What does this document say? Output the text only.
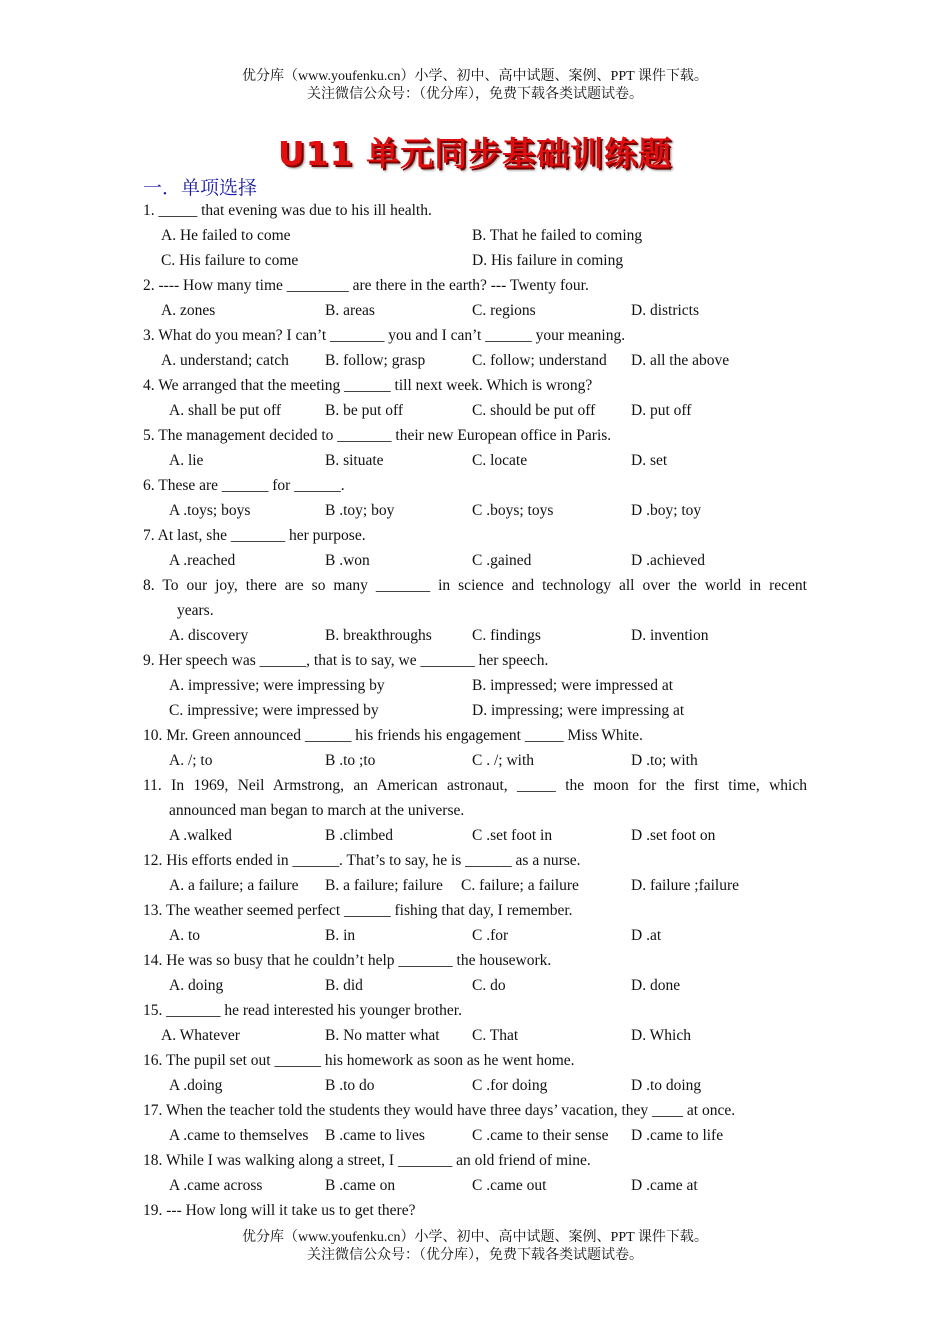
优分库（www.youfenku.cn）小学、初中、高中试题、案例、PPT 课件下载。
关注微信公众号：（优分库），免费下载各类试题试卷。
U11 单元同步基础训练题
一．单项选择
1. _____ that evening was due to his ill health.
A. He failed to come	B. That he failed to coming
C. His failure to come	D. His failure in coming
2. ---- How many time ________ are there in the earth? --- Twenty four.
A. zones	B. areas	C. regions	D. districts
3. What do you mean? I can’t _______ you and I can’t ______ your meaning.
A. understand; catch B. follow; grasp	C. follow; understand D. all the above
4. We arranged that the meeting ______ till next week. Which is wrong?
A. shall be put off	B. be put off	C. should be put off D. put off
5. The management decided to _______ their new European office in Paris.
A. lie	B. situate	C. locate	D. set
6. These are ______ for ______.
A .toys; boys	B .toy; boy	C .boys; toys	D .boy; toy
7. At last, she _______ her purpose.
A .reached	B .won	C .gained	D .achieved
8. To our joy, there are so many _______ in science and technology all over the world in recent
years.
A. discovery	B. breakthroughs	C. findings	D. invention
9. Her speech was ______, that is to say, we _______ her speech.
A. impressive; were impressing by	B. impressed; were impressed at
C. impressive; were impressed by	D. impressing; were impressing at
10. Mr. Green announced ______ his friends his engagement _____ Miss White.
A. /; to	B .to ;to	C . /; with	D .to; with
11. In 1969, Neil Armstrong, an American astronaut, _____ the moon for the first time, which
announced man began to march at the universe.
A .walked	B .climbed	C .set foot in	D .set foot on
12. His efforts ended in ______. That’s to say, he is ______ as a nurse.
A. a failure; a failure B. a failure; failure C. failure; a failure	D. failure ;failure
13. The weather seemed perfect ______ fishing that day, I remember.
A. to	B. in	C .for	D .at
14. He was so busy that he couldn’t help _______ the housework.
A. doing	B. did	C. do	D. done
15. _______ he read interested his younger brother.
A. Whatever	B. No matter what C. That	D. Which
16. The pupil set out ______ his homework as soon as he went home.
A .doing	B .to do	C .for doing	D .to doing
17. When the teacher told the students they would have three days’ vacation, they ____ at once.
A .came to themselves B .came to lives	C .came to their sense D .came to life
18. While I was walking along a street, I _______ an old friend of mine.
A .came across	B .came on	C .came out	D .came at
19. --- How long will it take us to get there?
优分库（www.youfenku.cn）小学、初中、高中试题、案例、PPT 课件下载。
关注微信公众号：（优分库），免费下载各类试题试卷。
